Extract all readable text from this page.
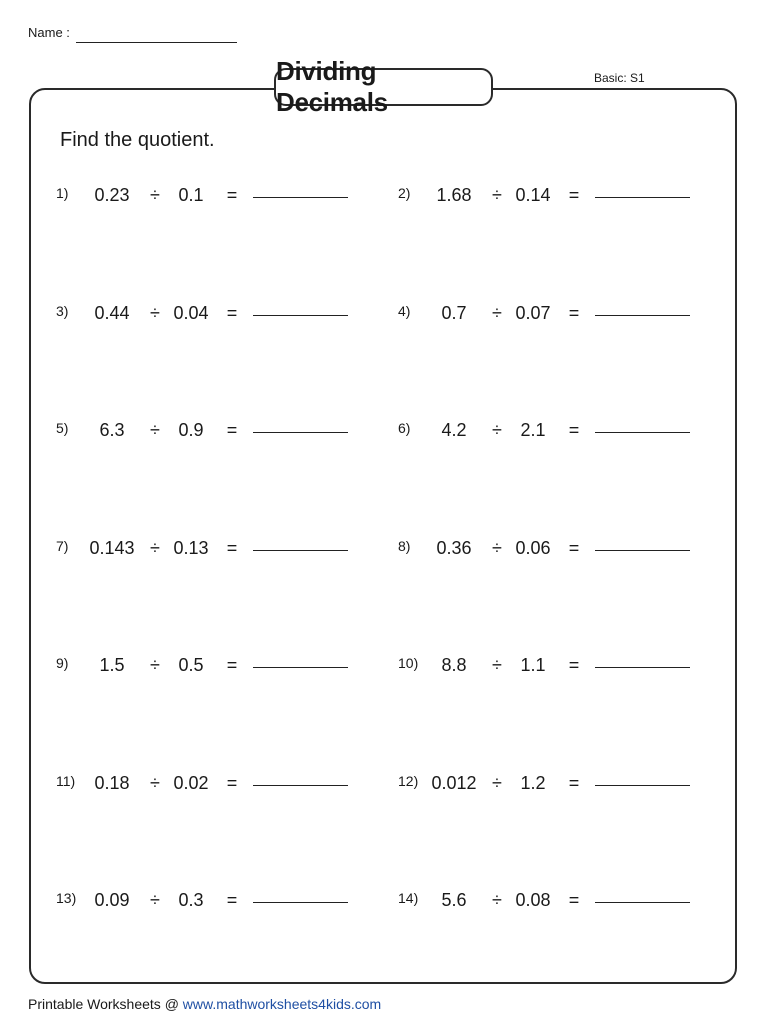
Name :
Dividing Decimals
Basic: S1
Find the quotient.
1)	0.23	÷	0.1	=	2)	1.68	÷ 0.14	=
3)	0.44	÷ 0.04	=	4)	0.7	÷ 0.07	=
5)	6.3	÷	0.9	=	6)	4.2	÷	2.1	=
7) 0.143 ÷ 0.13	=	8)	0.36	÷ 0.06	=
9)	1.5	÷	0.5	=	10)	8.8	÷	1.1	=
11)	0.18	÷ 0.02	=	12) 0.012 ÷	1.2	=
13)	0.09	÷	0.3	=	14)	5.6	÷ 0.08	=
Printable Worksheets @ www.mathworksheets4kids.com
